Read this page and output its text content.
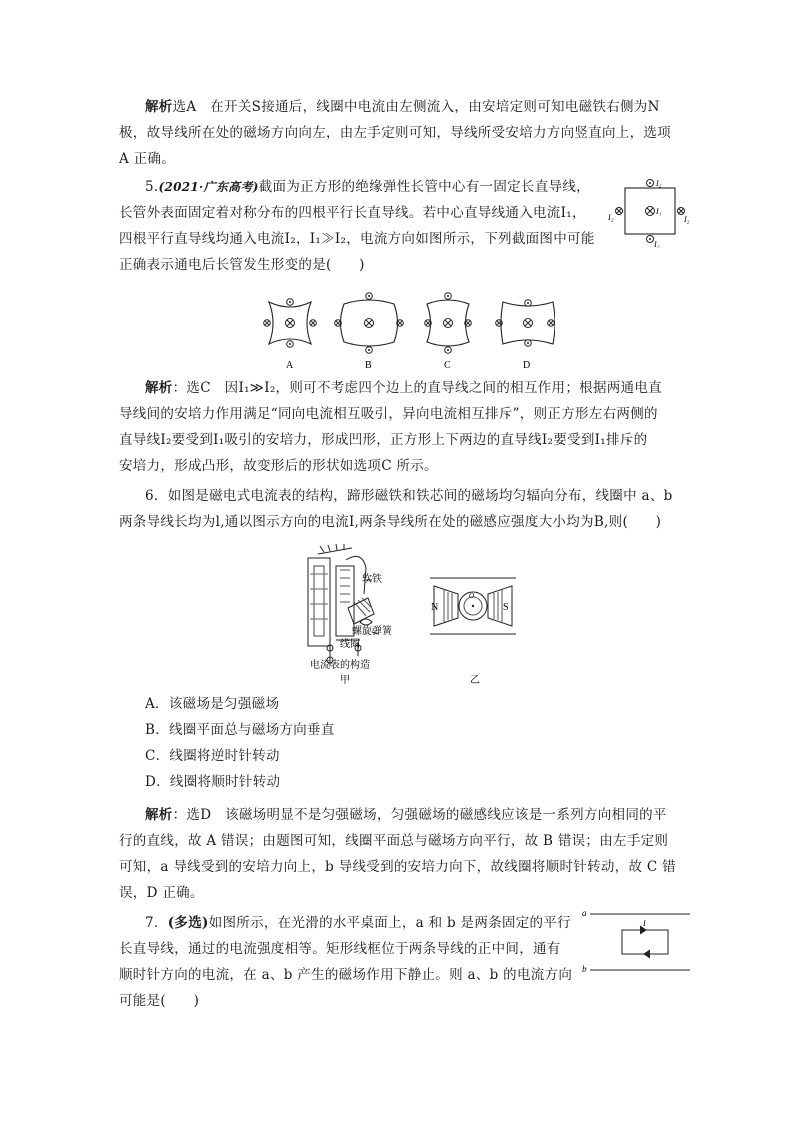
解析选A　在开关S接通后，线圈中电流由左侧流入，由安培定则可知电磁铁右侧为N

极，故导线所在处的磁场方向向左，由左手定则可知，导线所受安培力方向竖直向上，选项

A 正确。

5.(2021·广东高考)截面为正方形的绝缘弹性长管中心有一固定长直导线，

长管外表面固定着对称分布的四根平行长直导线。若中心直导线通入电流I₁，

四根平行直导线均通入电流I₂，I₁≫I₂，电流方向如图所示，下列截面图中可能

正确表示通电后长管发生形变的是(　　)

I₂
I₁
I₂	I₂
I₂
A	B	C	D

解析：选C　因I₁≫I₂，则可不考虑四个边上的直导线之间的相互作用；根据两通电直

导线间的安培力作用满足“同向电流相互吸引，异向电流相互排斥”，则正方形左右两侧的

直导线I₂要受到I₁吸引的安培力，形成凹形，正方形上下两边的直导线I₂要受到I₁排斥的

安培力，形成凸形，故变形后的形状如选项C 所示。

6．如图是磁电式电流表的结构，蹄形磁铁和铁芯间的磁场均匀辐向分布，线圈中 a、b

两条导线长均为l,通以图示方向的电流I,两条导线所在处的磁感应强度大小均为B,则(　　)

软铁
螺旋弹簧
线圈
电流表的构造
甲
N	S
O
乙

A．该磁场是匀强磁场

B．线圈平面总与磁场方向垂直

C．线圈将逆时针转动

D．线圈将顺时针转动

解析：选D　该磁场明显不是匀强磁场，匀强磁场的磁感线应该是一系列方向相同的平

行的直线，故 A 错误；由题图可知，线圈平面总与磁场方向平行，故 B 错误；由左手定则

可知，a 导线受到的安培力向上，b 导线受到的安培力向下，故线圈将顺时针转动，故 C 错

误，D 正确。

7．(多选)如图所示，在光滑的水平桌面上，a 和 b 是两条固定的平行

长直导线，通过的电流强度相等。矩形线框位于两条导线的正中间，通有

顺时针方向的电流，在 a、b 产生的磁场作用下静止。则 a、b 的电流方向

可能是(　　)

a
b
I
